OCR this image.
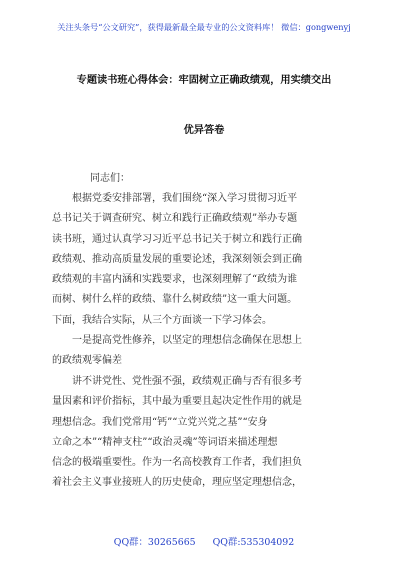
关注头条号“公文研究”，获得最新最全最专业的公文资料库！ 微信：gongwenyj
专题读书班心得体会：牢固树立正确政绩观，用实绩交出
优异答卷
同志们：
　　根据党委安排部署，我们围绕“深入学习贯彻习近平
总书记关于调查研究、树立和践行正确政绩观”举办专题
读书班，通过认真学习习近平总书记关于树立和践行正确
政绩观、推动高质量发展的重要论述，我深刻领会到正确
政绩观的丰富内涵和实践要求，也深刻理解了“政绩为谁
而树、树什么样的政绩、靠什么树政绩”这一重大问题。
下面，我结合实际，从三个方面谈一下学习体会。
　　一是提高党性修养，以坚定的理想信念确保在思想上
的政绩观零偏差
　　讲不讲党性、党性强不强，政绩观正确与否有很多考
量因素和评价指标，其中最为重要且起决定性作用的就是
理想信念。我们党常用“钙”“立党兴党之基”“安身
立命之本”“精神支柱”“政治灵魂”等词语来描述理想
信念的极端重要性。作为一名高校教育工作者，我们担负
着社会主义事业接班人的历史使命，理应坚定理想信念，
QQ群：30265665 QQ群:535304092
